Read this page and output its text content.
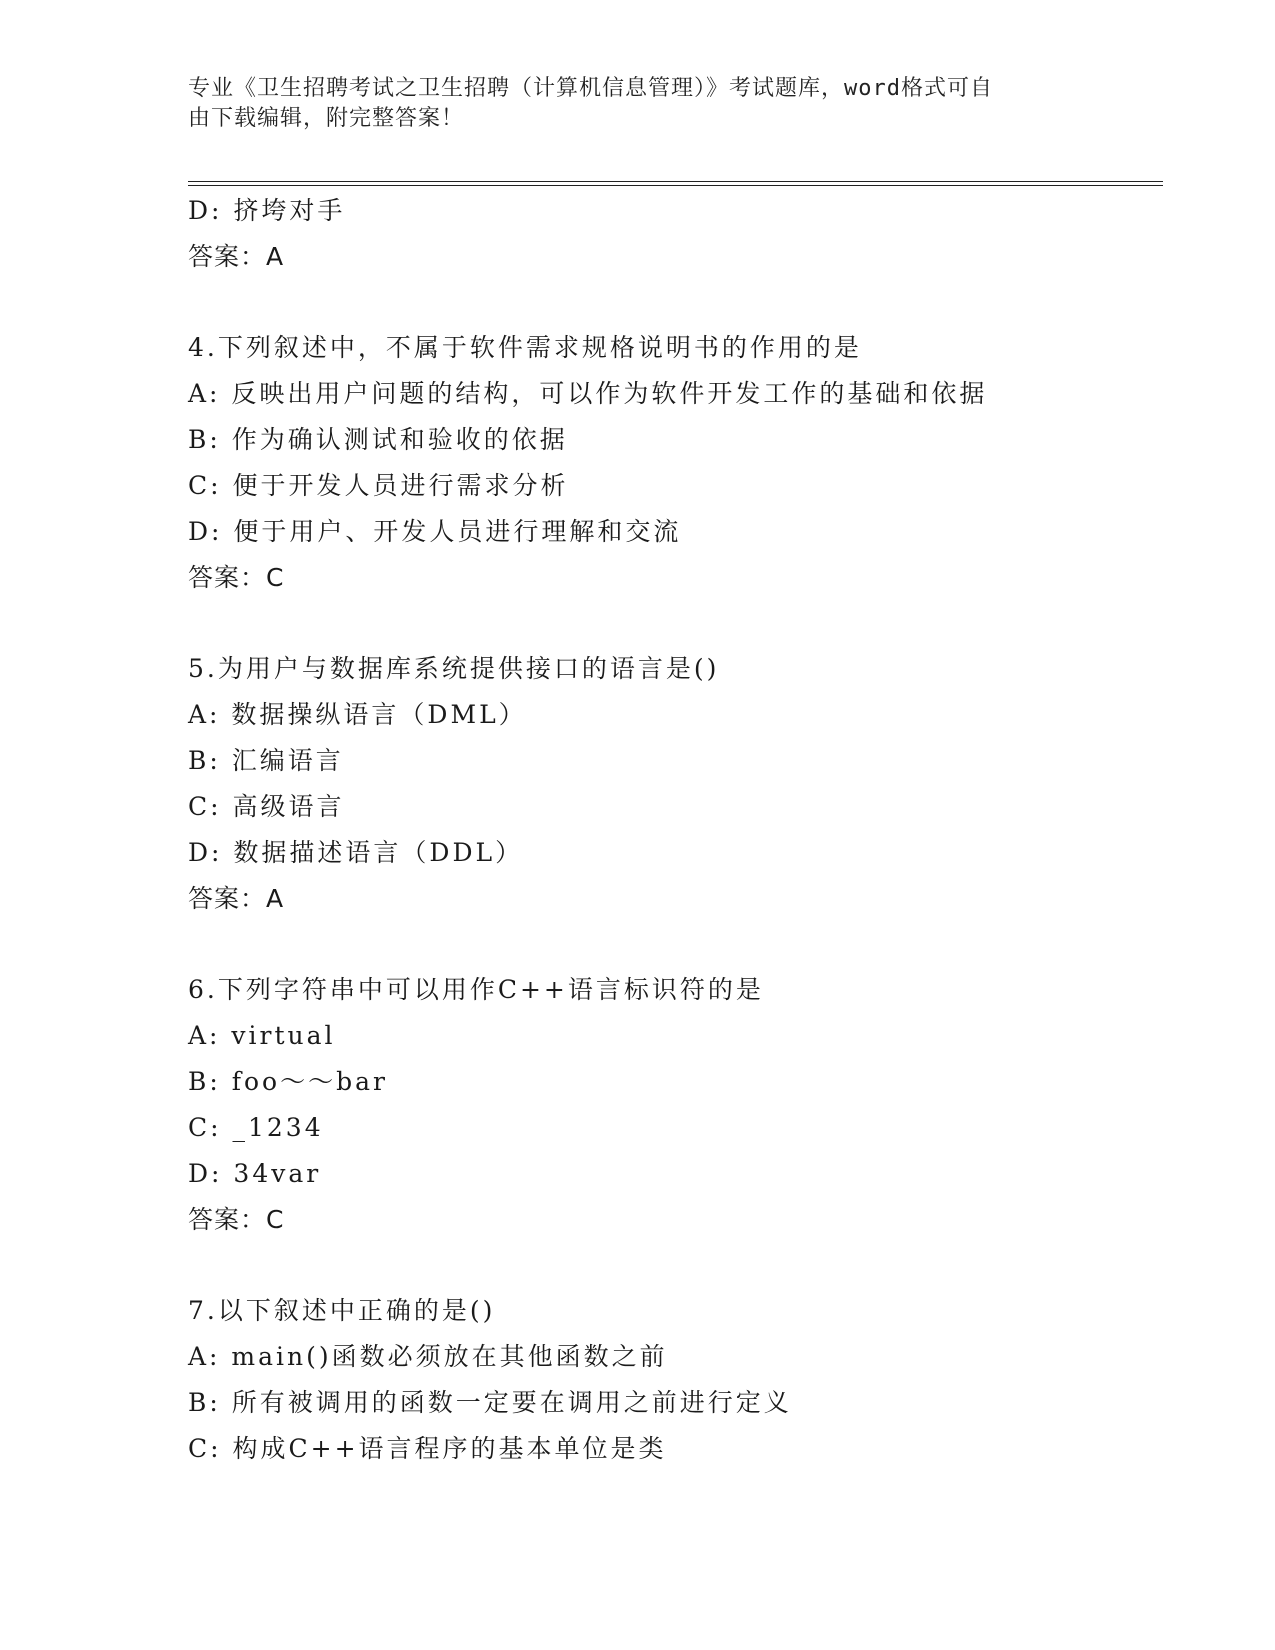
专业《卫生招聘考试之卫生招聘（计算机信息管理）》考试题库，word格式可自
由下载编辑，附完整答案！
D: 挤垮对手
答案：A
4.下列叙述中，不属于软件需求规格说明书的作用的是
A: 反映出用户问题的结构，可以作为软件开发工作的基础和依据
B: 作为确认测试和验收的依据
C: 便于开发人员进行需求分析
D: 便于用户、开发人员进行理解和交流
答案：C
5.为用户与数据库系统提供接口的语言是()
A: 数据操纵语言（DML）
B: 汇编语言
C: 高级语言
D: 数据描述语言（DDL）
答案：A
6.下列字符串中可以用作C++语言标识符的是
A: virtual
B: foo～～bar
C: _1234
D: 34var
答案：C
7.以下叙述中正确的是()
A: main()函数必须放在其他函数之前
B: 所有被调用的函数一定要在调用之前进行定义
C: 构成C++语言程序的基本单位是类
